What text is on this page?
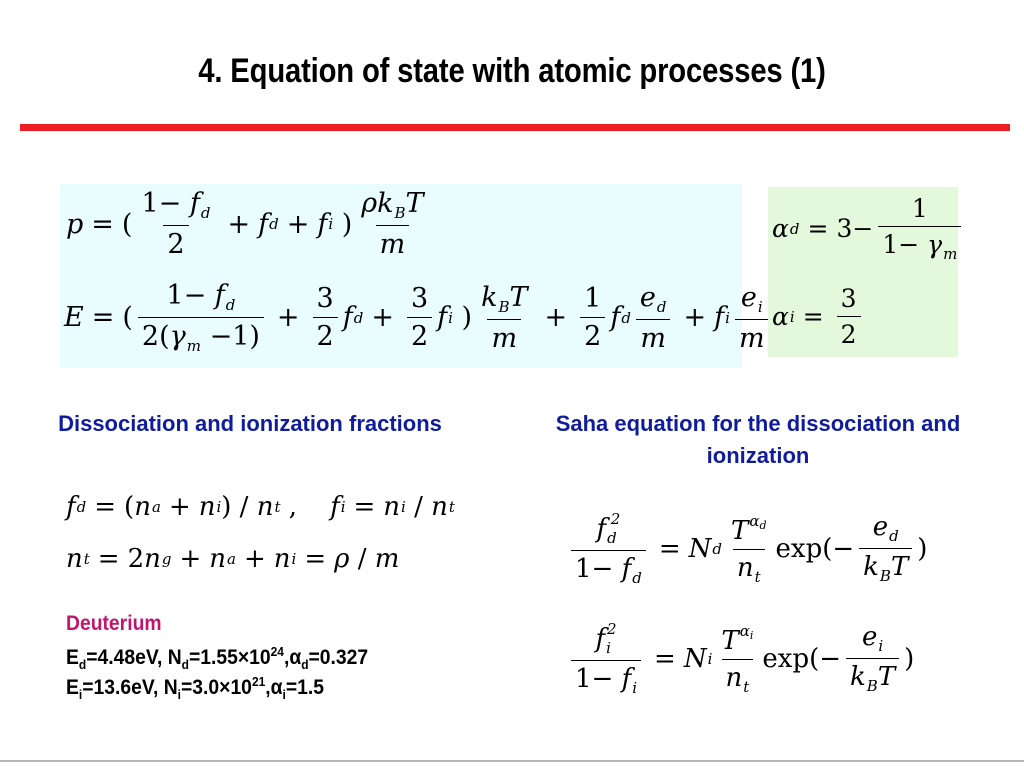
4. Equation of state with atomic processes (1)
p = ( $\frac{1- f_d}{2} + f$ d + f i ) $\frac{\rho k_BT}{m}$
E = ( $\frac{1- f_d}{2(\gamma_m -1)} + \frac{3}{2}$ f $d + \frac{3}{2}$ f i ) $\frac{k_BT}{m} + \frac{1}{2}$ f d $\frac{e_d}{m} + f$ i $\frac{e_i}{m}$
α $d = 3- \frac{1}{1- \gamma_m}$
α $i = \frac{3}{2}$
Dissociation and ionization fractions
f d = ( n a + n i ) / n t , f i = n i / n t
n t = 2 n g + n a + n i = ρ / m
Deuterium
$E_d=4.48eV$, $N_d=1.55\times 10^{24},\alpha_d=0.327$
$E_i=13.6eV$, $N_i=3.0\times 10^{21},\alpha_i=1.5$
Saha equation for the dissociation and ionization
$\frac{f_d^2}{1- f_d} = N$ d $\frac{T^{\alpha_d}}{n_t} \exp(- \frac{e_d}{k_BT}$ )
$\frac{f_i^2}{1- f_i} = N$ i $\frac{T^{\alpha_i}}{n_t} \exp(- \frac{e_i}{k_BT}$ )
